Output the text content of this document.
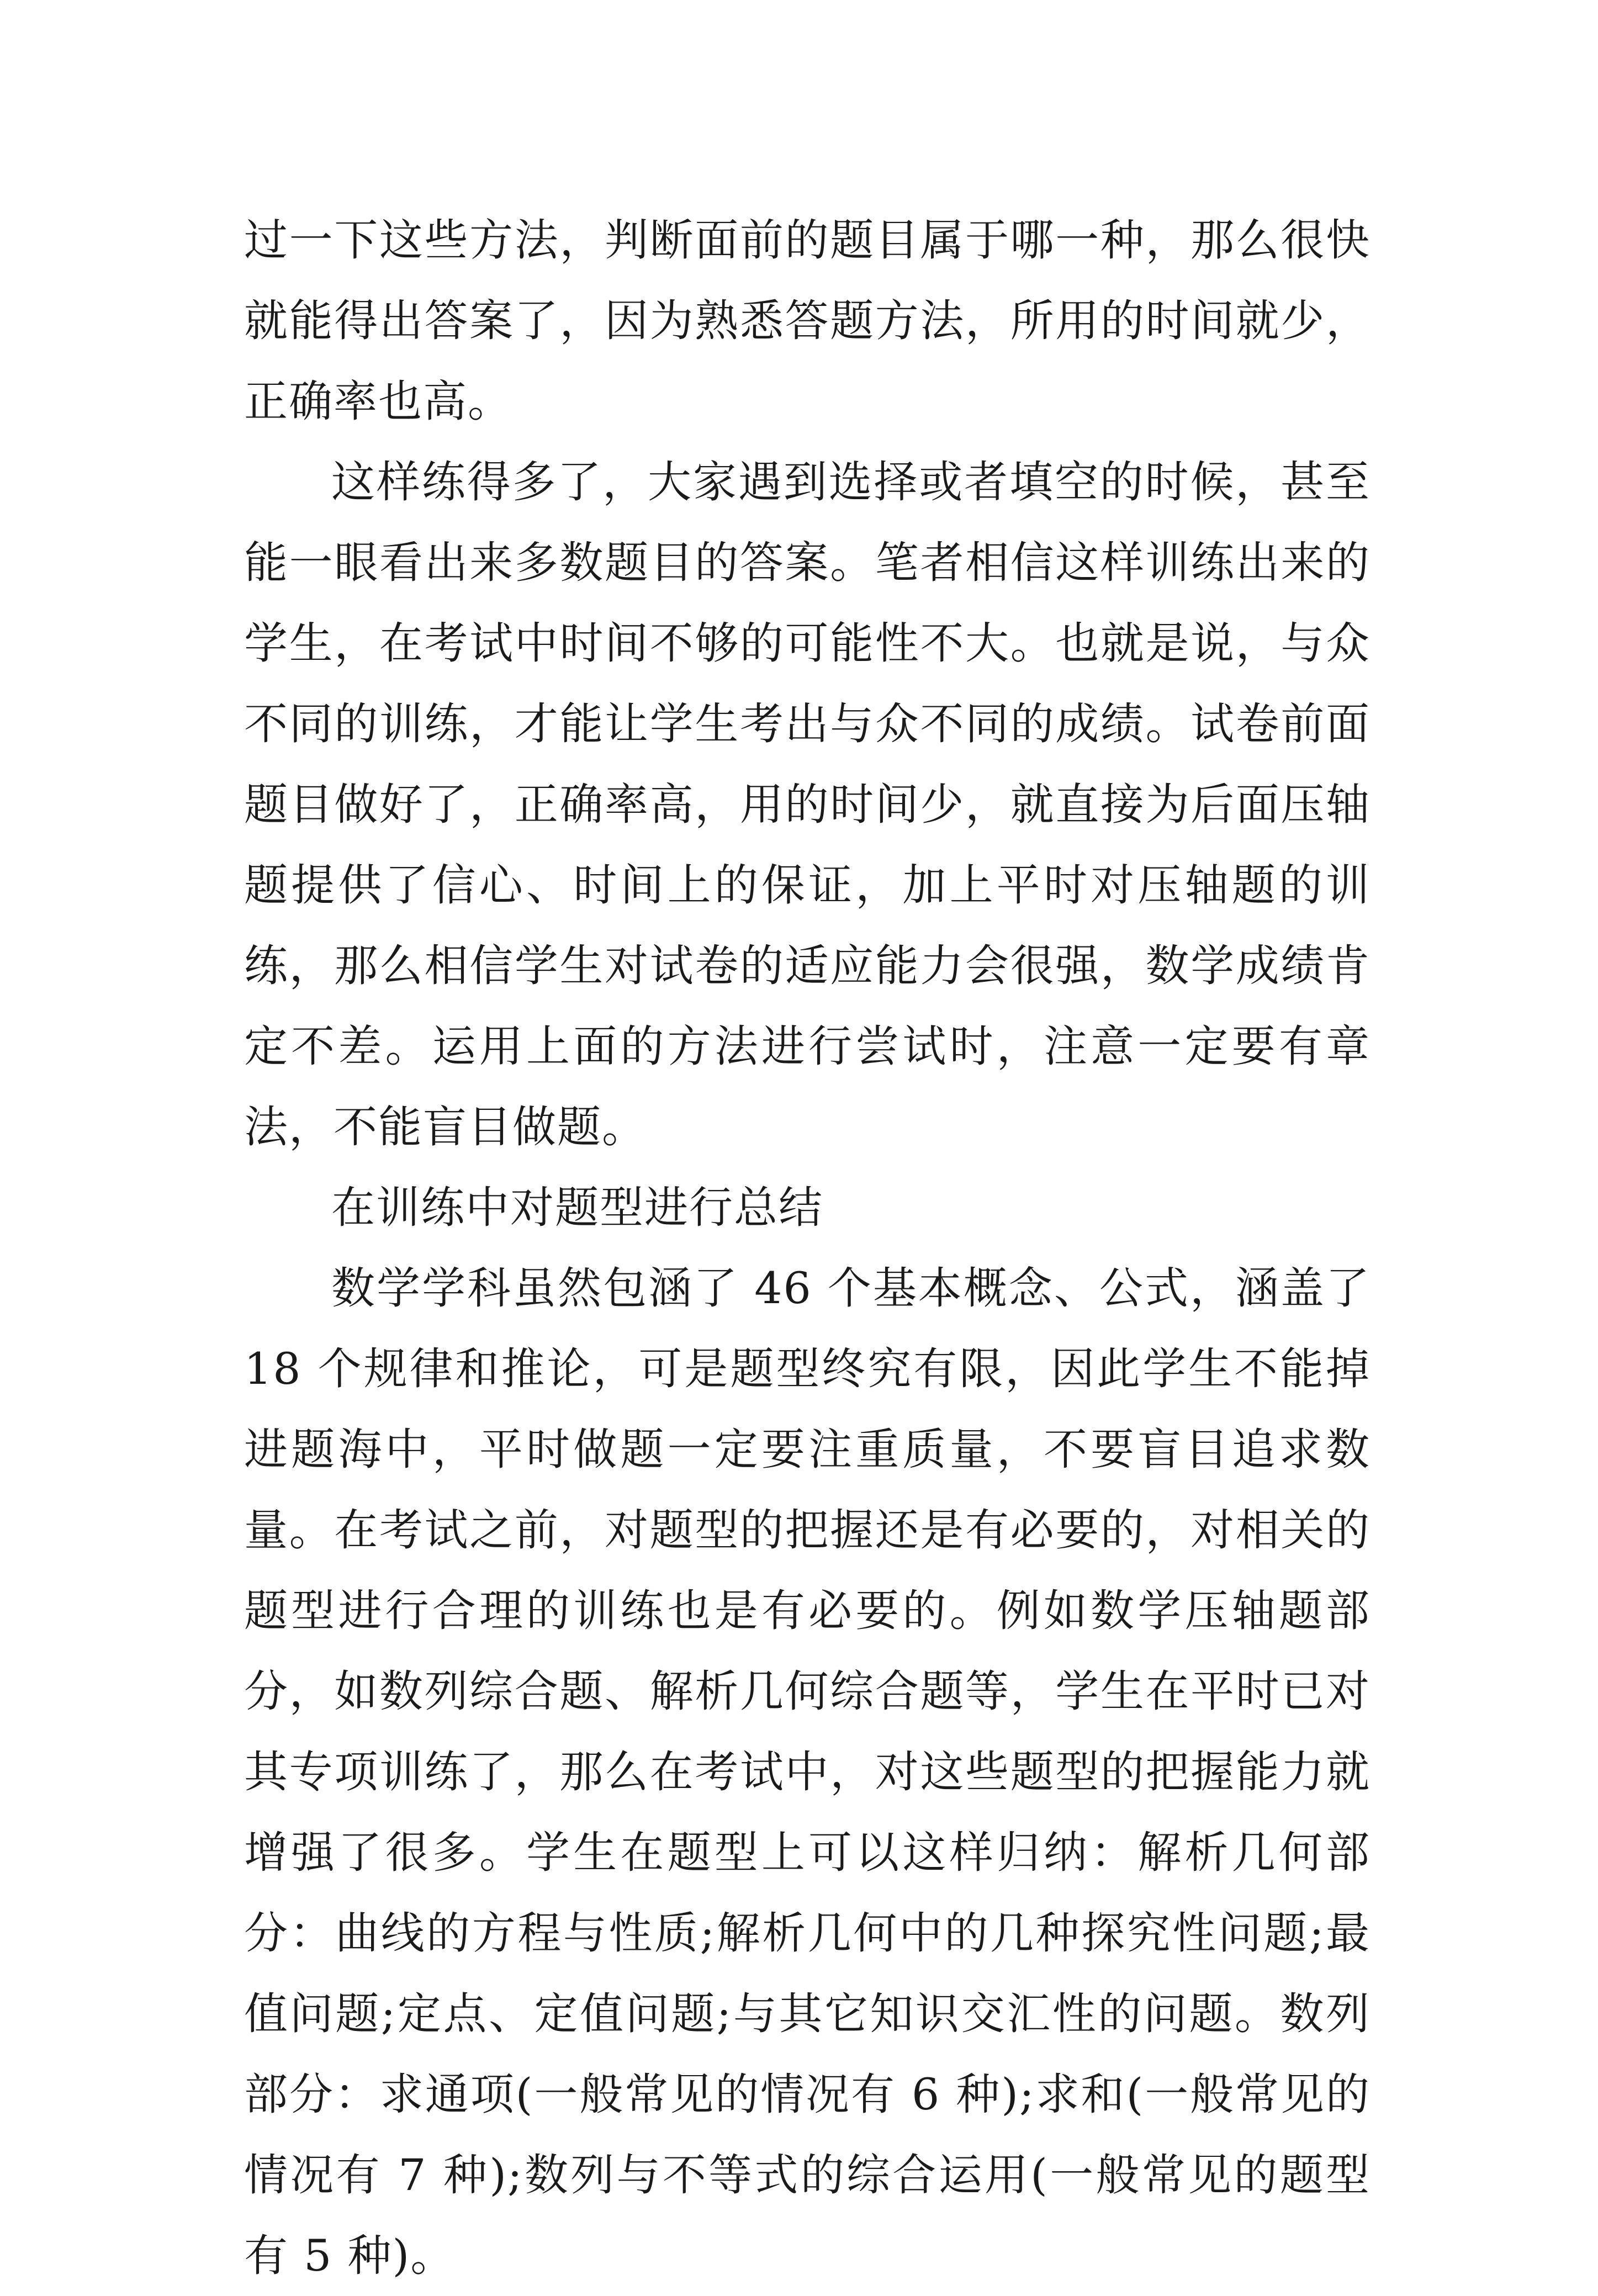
过一下这些方法，判断面前的题目属于哪一种，那么很快就能得出答案了，因为熟悉答题方法，所用的时间就少，正确率也高。

这样练得多了，大家遇到选择或者填空的时候，甚至能一眼看出来多数题目的答案。笔者相信这样训练出来的学生，在考试中时间不够的可能性不大。也就是说，与众不同的训练，才能让学生考出与众不同的成绩。试卷前面题目做好了，正确率高，用的时间少，就直接为后面压轴题提供了信心、时间上的保证，加上平时对压轴题的训练，那么相信学生对试卷的适应能力会很强，数学成绩肯定不差。运用上面的方法进行尝试时，注意一定要有章法，不能盲目做题。

在训练中对题型进行总结

数学学科虽然包涵了 46 个基本概念、公式，涵盖了 18 个规律和推论，可是题型终究有限，因此学生不能掉进题海中，平时做题一定要注重质量，不要盲目追求数量。在考试之前，对题型的把握还是有必要的，对相关的题型进行合理的训练也是有必要的。例如数学压轴题部分，如数列综合题、解析几何综合题等，学生在平时已对其专项训练了，那么在考试中，对这些题型的把握能力就增强了很多。学生在题型上可以这样归纳：解析几何部分：曲线的方程与性质;解析几何中的几种探究性问题;最值问题;定点、定值问题;与其它知识交汇性的问题。数列部分：求通项(一般常见的情况有 6 种);求和(一般常见的情况有 7 种);数列与不等式的综合运用(一般常见的题型有 5 种)。
